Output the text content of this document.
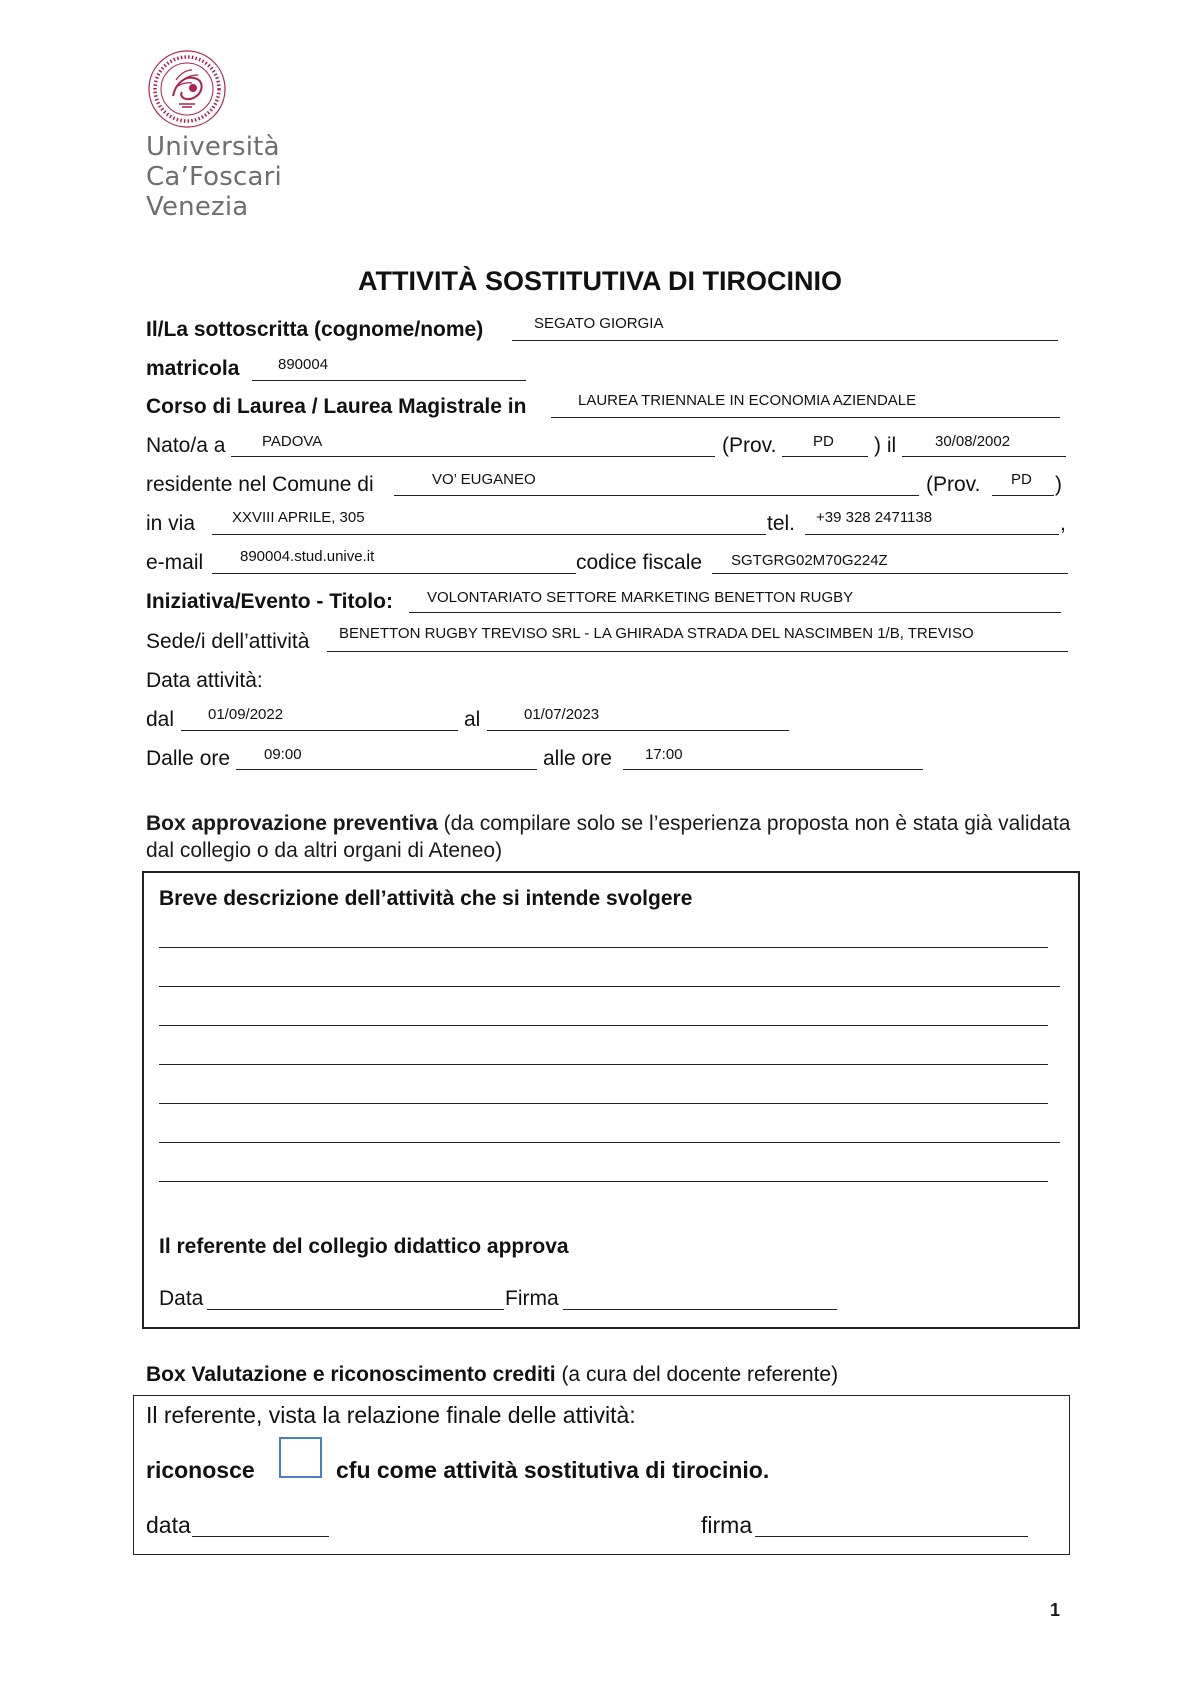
Università
Ca’Foscari
Venezia
ATTIVITÀ SOSTITUTIVA DI TIROCINIO
Il/La sottoscritta (cognome/nome)	SEGATO GIORGIA
matricola	890004
Corso di Laurea / Laurea Magistrale in	LAUREA TRIENNALE IN ECONOMIA AZIENDALE
Nato/a a PADOVA	(Prov. PD ) il	30/08/2002
residente nel Comune di	VO’ EUGANEO	(Prov. PD )
in via XXVIII APRILE, 305	tel. +39 328 2471138	,
e-mail 890004.stud.unive.it	codice fiscale SGTGRG02M70G224Z
Iniziativa/Evento - Titolo: VOLONTARIATO SETTORE MARKETING BENETTON RUGBY
Sede/i dell’attività BENETTON RUGBY TREVISO SRL - LA GHIRADA STRADA DEL NASCIMBEN 1/B, TREVISO
Data attività:
dal 01/09/2022	al	01/07/2023
Dalle ore 09:00	alle ore 17:00
Box approvazione preventiva (da compilare solo se l’esperienza proposta non è stata già validata dal collegio o da altri organi di Ateneo)
Breve descrizione dell’attività che si intende svolgere
Il referente del collegio didattico approva
Data	Firma
Box Valutazione e riconoscimento crediti (a cura del docente referente)
Il referente, vista la relazione finale delle attività:
riconosce	cfu come attività sostitutiva di tirocinio.
data	firma
1
